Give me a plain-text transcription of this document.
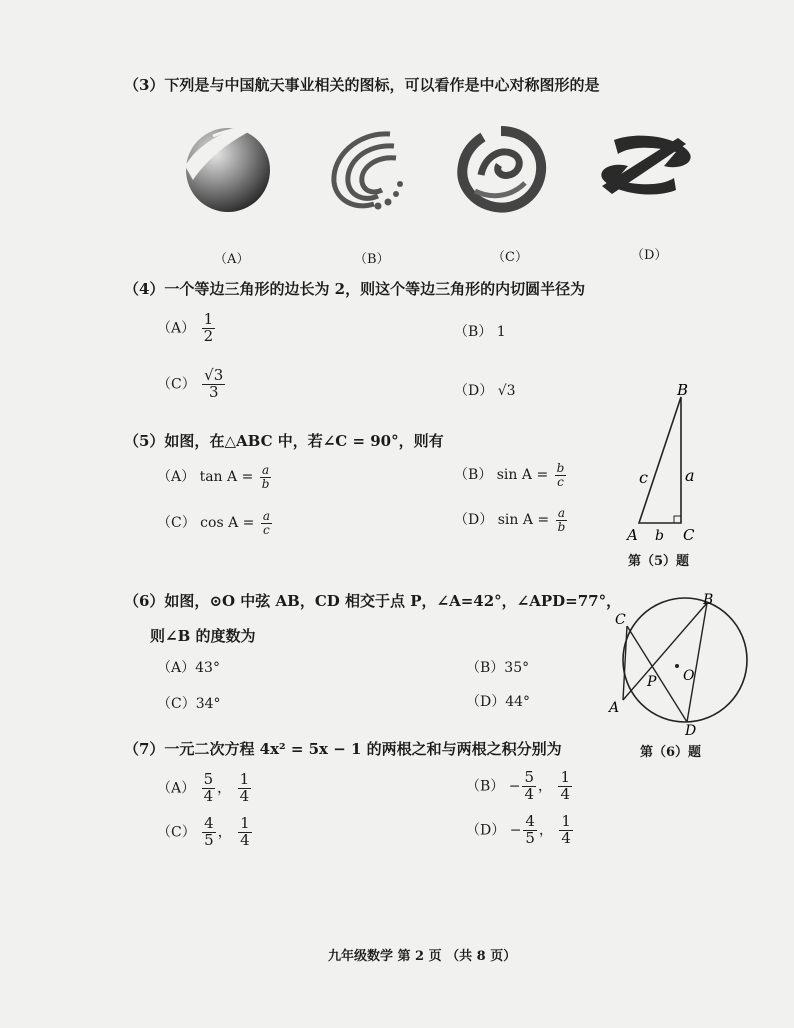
（3）下列是与中国航天事业相关的图标，可以看作是中心对称图形的是
（A）	（B）	（C）	（D）
（4）一个等边三角形的边长为 2，则这个等边三角形的内切圆半径为
$(A) \frac{1}{2}$	（B） 1
$(C) \frac{√3}{3}$	（D） √3
（5）如图，在△ABC 中，若∠C = 90°，则有
（A） $\tan A = \frac{a}{b}$	（B） $\sin A = \frac{b}{c}$
（C） $\cos A = \frac{a}{c}$	（D） $\sin A = \frac{a}{b}$
B
A	C
a
b
c
第（5）题
（6）如图，⊙O 中弦 AB，CD 相交于点 P，∠A=42°，∠APD=77°，
则∠B 的度数为
（A）43°	（B）35°
（C）34°	（D）44°
C
B
P O
A
D
第（6）题
（7）一元二次方程 4x² = 5x − 1 的两根之和与两根之积分别为
$(A) \frac{5}{4}$ ， $\frac{1}{4}$	$(B) - \frac{5}{4}$ ， $\frac{1}{4}$
$(C) \frac{4}{5}$ ， $\frac{1}{4}$	$(D) - \frac{4}{5}$ ， $\frac{1}{4}$
九年级数学 第 2 页 （共 8 页）
